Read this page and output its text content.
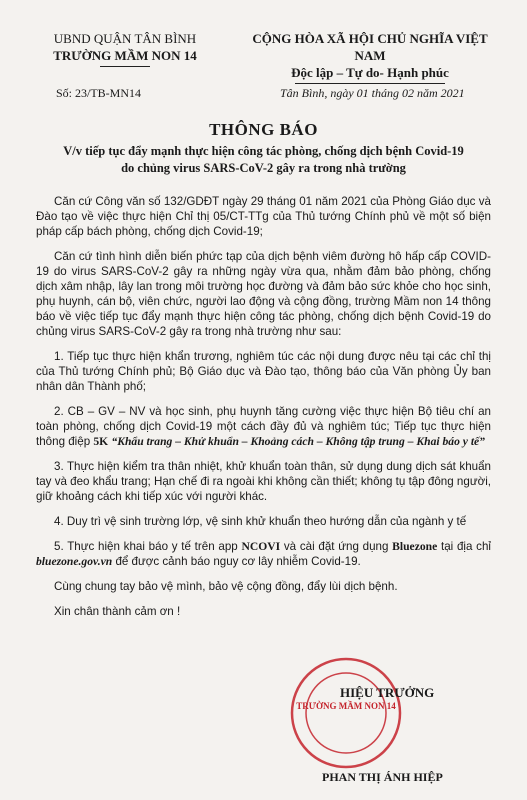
UBND QUẬN TÂN BÌNH
TRƯỜNG MẦM NON 14
CỘNG HÒA XÃ HỘI CHỦ NGHĨA VIỆT NAM
Độc lập – Tự do- Hạnh phúc
Số: 23/TB-MN14	Tân Bình, ngày 01 tháng 02 năm 2021
THÔNG BÁO
V/v tiếp tục đẩy mạnh thực hiện công tác phòng, chống dịch bệnh Covid-19
do chủng virus SARS-CoV-2 gây ra trong nhà trường

Căn cứ Công văn số 132/GDĐT ngày 29 tháng 01 năm 2021 của Phòng Giáo dục và Đào tạo về việc thực hiện Chỉ thị 05/CT-TTg của Thủ tướng Chính phủ về một số biện pháp cấp bách phòng, chống dịch Covid-19;

Căn cứ tình hình diễn biến phức tạp của dịch bệnh viêm đường hô hấp cấp COVID-19 do virus SARS-CoV-2 gây ra những ngày vừa qua, nhằm đảm bảo phòng, chống dịch xâm nhập, lây lan trong môi trường học đường và đảm bảo sức khỏe cho học sinh, phụ huynh, cán bộ, viên chức, người lao động và cộng đồng, trường Mầm non 14 thông báo về việc tiếp tục đẩy mạnh thực hiện công tác phòng, chống dịch bệnh Covid-19 do chủng virus SARS-CoV-2 gây ra trong nhà trường như sau:

1. Tiếp tục thực hiện khẩn trương, nghiêm túc các nội dung được nêu tại các chỉ thị của Thủ tướng Chính phủ; Bộ Giáo dục và Đào tạo, thông báo của Văn phòng Ủy ban nhân dân Thành phố;

2. CB – GV – NV và học sinh, phụ huynh tăng cường việc thực hiện Bộ tiêu chí an toàn phòng, chống dịch Covid-19 một cách đầy đủ và nghiêm túc; Tiếp tục thực hiện thông điệp 5K “Khẩu trang – Khử khuẩn – Khoảng cách – Không tập trung – Khai báo y tế”

3. Thực hiện kiểm tra thân nhiệt, khử khuẩn toàn thân, sử dụng dung dịch sát khuẩn tay và đeo khẩu trang; Hạn chế đi ra ngoài khi không cần thiết; không tụ tập đông người, giữ khoảng cách khi tiếp xúc với người khác.

4. Duy trì vệ sinh trường lớp, vệ sinh khử khuẩn theo hướng dẫn của ngành y tế

5. Thực hiện khai báo y tế trên app NCOVI và cài đặt ứng dụng Bluezone tại địa chỉ bluezone.gov.vn để được cảnh báo nguy cơ lây nhiễm Covid-19.

Cùng chung tay bảo vệ mình, bảo vệ cộng đồng, đẩy lùi dịch bệnh.

Xin chân thành cảm ơn !

TRƯỜNG MẦM NON 14
HIỆU TRƯỞNG
PHAN THỊ ÁNH HIỆP
